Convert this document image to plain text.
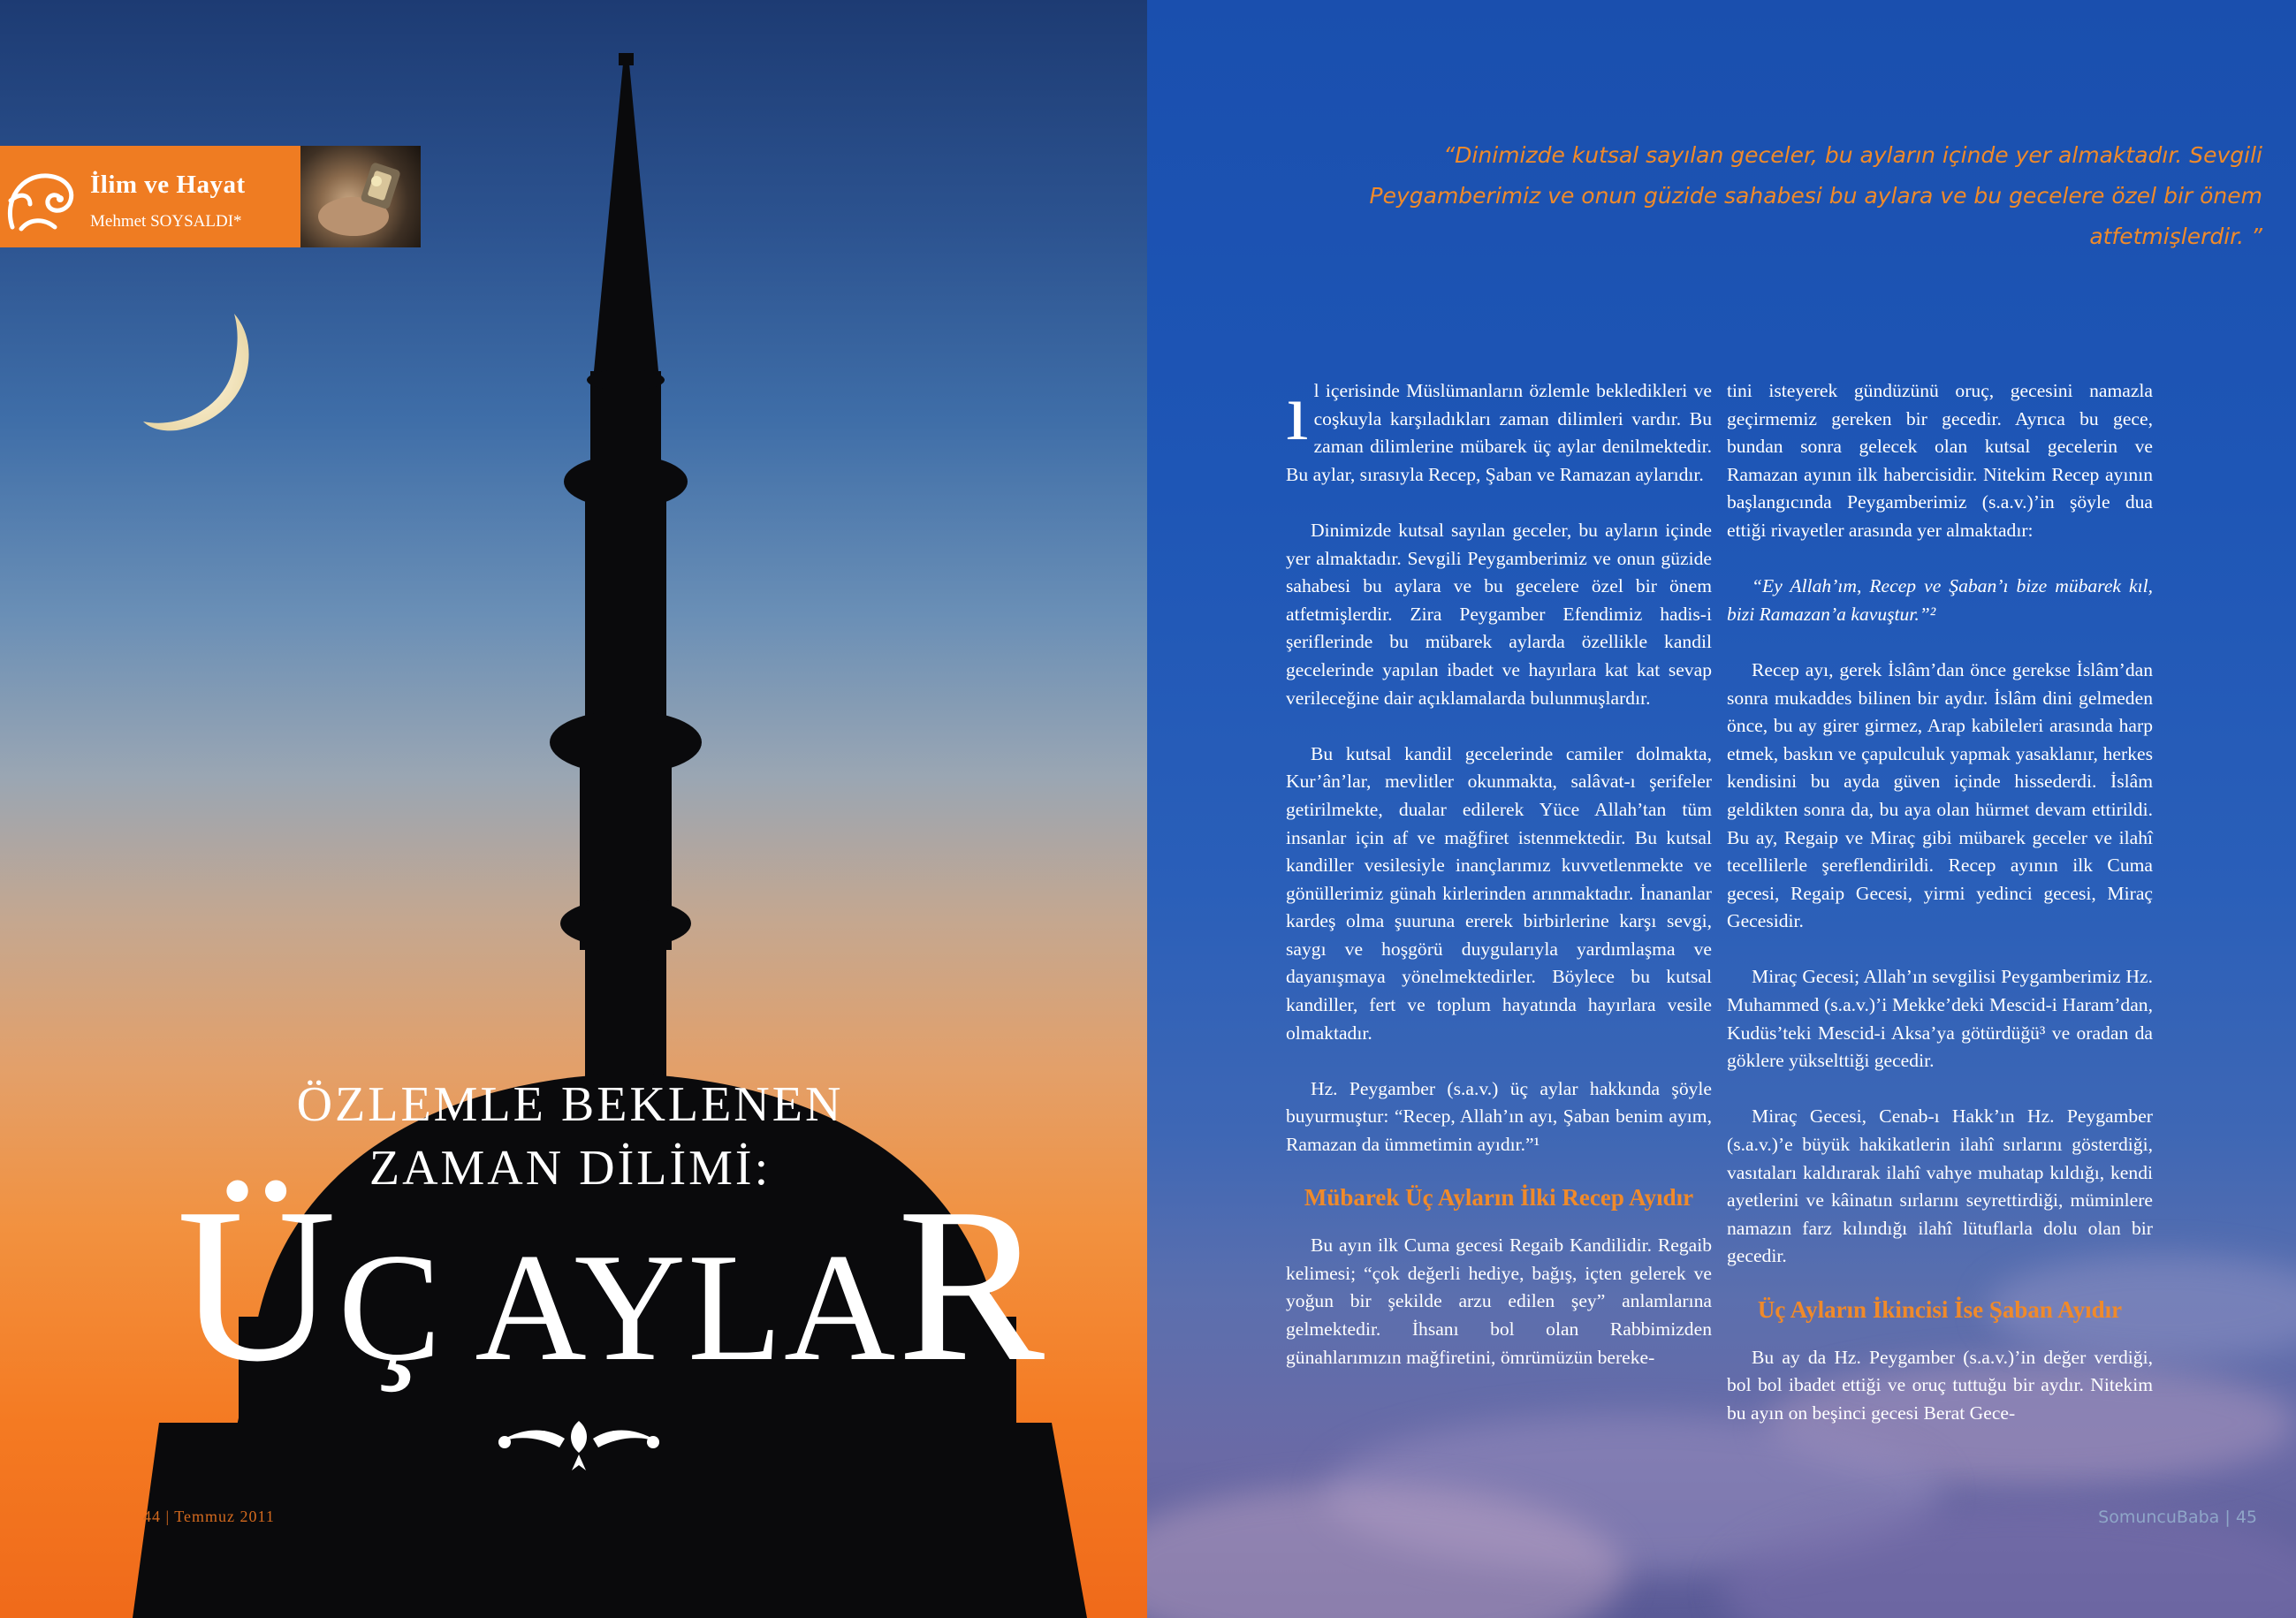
İlim ve Hayat
Mehmet SOYSALDI*
ÖZLEMLE BEKLENEN
ZAMAN DİLİMİ:
ÜÇ AYLAR
44 | Temmuz 2011
“Dinimizde kutsal sayılan geceler, bu ayların içinde yer almaktadır. Sevgili Peygamberimiz ve onun güzide sahabesi bu aylara ve bu gecelere özel bir önem atfetmişlerdir. ”

ıl içerisinde Müslümanların özlemle bekledikleri ve coşkuyla karşıladıkları zaman dilimleri vardır. Bu zaman dilimlerine mübarek üç aylar denilmektedir. Bu aylar, sırasıyla Recep, Şaban ve Ramazan aylarıdır.

Dinimizde kutsal sayılan geceler, bu ayların içinde yer almaktadır. Sevgili Peygamberimiz ve onun güzide sahabesi bu aylara ve bu gecelere özel bir önem atfetmişlerdir. Zira Peygamber Efendimiz hadis-i şeriflerinde bu mübarek aylarda özellikle kandil gecelerinde yapılan ibadet ve hayırlara kat kat sevap verileceğine dair açıklamalarda bulunmuşlardır.

Bu kutsal kandil gecelerinde camiler dolmakta, Kur’ân’lar, mevlitler okunmakta, salâvat-ı şerifeler getirilmekte, dualar edilerek Yüce Allah’tan tüm insanlar için af ve mağfiret istenmektedir. Bu kutsal kandiller vesilesiyle inançlarımız kuvvetlenmekte ve gönüllerimiz günah kirlerinden arınmaktadır. İnananlar kardeş olma şuuruna ererek birbirlerine karşı sevgi, saygı ve hoşgörü duygularıyla yardımlaşma ve dayanışmaya yönelmektedirler. Böylece bu kutsal kandiller, fert ve toplum hayatında hayırlara vesile olmaktadır.

Hz. Peygamber (s.a.v.) üç aylar hakkında şöyle buyurmuştur: “Recep, Allah’ın ayı, Şaban benim ayım, Ramazan da ümmetimin ayıdır.”¹

Mübarek Üç Ayların İlki Recep Ayıdır

Bu ayın ilk Cuma gecesi Regaib Kandilidir. Regaib kelimesi; “çok değerli hediye, bağış, içten gelerek ve yoğun bir şekilde arzu edilen şey” anlamlarına gelmektedir. İhsanı bol olan Rabbimizden günahlarımızın mağfiretini, ömrümüzün bereke-

tini isteyerek gündüzünü oruç, gecesini namazla geçirmemiz gereken bir gecedir. Ayrıca bu gece, bundan sonra gelecek olan kutsal gecelerin ve Ramazan ayının ilk habercisidir. Nitekim Recep ayının başlangıcında Peygamberimiz (s.a.v.)’in şöyle dua ettiği rivayetler arasında yer almaktadır:

“Ey Allah’ım, Recep ve Şaban’ı bize mübarek kıl, bizi Ramazan’a kavuştur.”²

Recep ayı, gerek İslâm’dan önce gerekse İslâm’dan sonra mukaddes bilinen bir aydır. İslâm dini gelmeden önce, bu ay girer girmez, Arap kabileleri arasında harp etmek, baskın ve çapulculuk yapmak yasaklanır, herkes kendisini bu ayda güven içinde hissederdi. İslâm geldikten sonra da, bu aya olan hürmet devam ettirildi. Bu ay, Regaip ve Miraç gibi mübarek geceler ve ilahî tecellilerle şereflendirildi. Recep ayının ilk Cuma gecesi, Regaip Gecesi, yirmi yedinci gecesi, Miraç Gecesidir.

Miraç Gecesi; Allah’ın sevgilisi Peygamberimiz Hz. Muhammed (s.a.v.)’i Mekke’deki Mescid-i Haram’dan, Kudüs’teki Mescid-i Aksa’ya götürdüğü³ ve oradan da göklere yükselttiği gecedir.

Miraç Gecesi, Cenab-ı Hakk’ın Hz. Peygamber (s.a.v.)’e büyük hakikatlerin ilahî sırlarını gösterdiği, vasıtaları kaldırarak ilahî vahye muhatap kıldığı, kendi ayetlerini ve kâinatın sırlarını seyrettirdiği, müminlere namazın farz kılındığı ilahî lütuflarla dolu olan bir gecedir.

Üç Ayların İkincisi İse Şaban Ayıdır

Bu ay da Hz. Peygamber (s.a.v.)’in değer verdiği, bol bol ibadet ettiği ve oruç tuttuğu bir aydır. Nitekim bu ayın on beşinci gecesi Berat Gece-

SomuncuBaba | 45
